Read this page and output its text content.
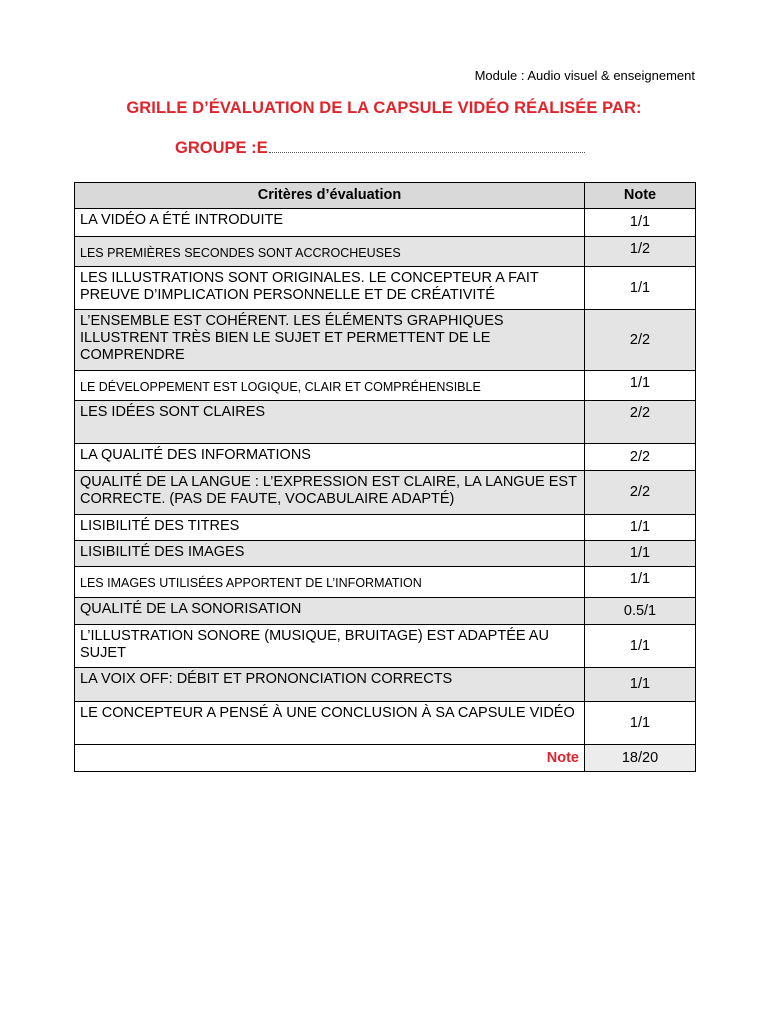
Module : Audio visuel & enseignement
GRILLE D’ÉVALUATION DE LA CAPSULE VIDÉO RÉALISÉE PAR:
GROUPE :E
Critères d’évaluation	Note
LA VIDÉO A ÉTÉ INTRODUITE	1/1
LES PREMIÈRES SECONDES SONT ACCROCHEUSES	1/2
LES ILLUSTRATIONS SONT ORIGINALES. LE CONCEPTEUR A FAIT PREUVE D’IMPLICATION PERSONNELLE ET DE CRÉATIVITÉ	1/1
L’ENSEMBLE EST COHÉRENT. LES ÉLÉMENTS GRAPHIQUES ILLUSTRENT TRÈS BIEN LE SUJET ET PERMETTENT DE LE COMPRENDRE	2/2
LE DÉVELOPPEMENT EST LOGIQUE, CLAIR ET COMPRÉHENSIBLE	1/1
LES IDÉES SONT CLAIRES	2/2
LA QUALITÉ DES INFORMATIONS	2/2
QUALITÉ DE LA LANGUE : L’EXPRESSION EST CLAIRE, LA LANGUE EST CORRECTE. (PAS DE FAUTE, VOCABULAIRE ADAPTÉ)	2/2
LISIBILITÉ DES TITRES	1/1
LISIBILITÉ DES IMAGES	1/1
LES IMAGES UTILISÉES APPORTENT DE L’INFORMATION	1/1
QUALITÉ DE LA SONORISATION	0.5/1
L’ILLUSTRATION SONORE (MUSIQUE, BRUITAGE) EST ADAPTÉE AU SUJET	1/1
LA VOIX OFF: DÉBIT ET PRONONCIATION CORRECTS	1/1
LE CONCEPTEUR A PENSÉ À UNE CONCLUSION À SA CAPSULE VIDÉO	1/1
Note	18/20
